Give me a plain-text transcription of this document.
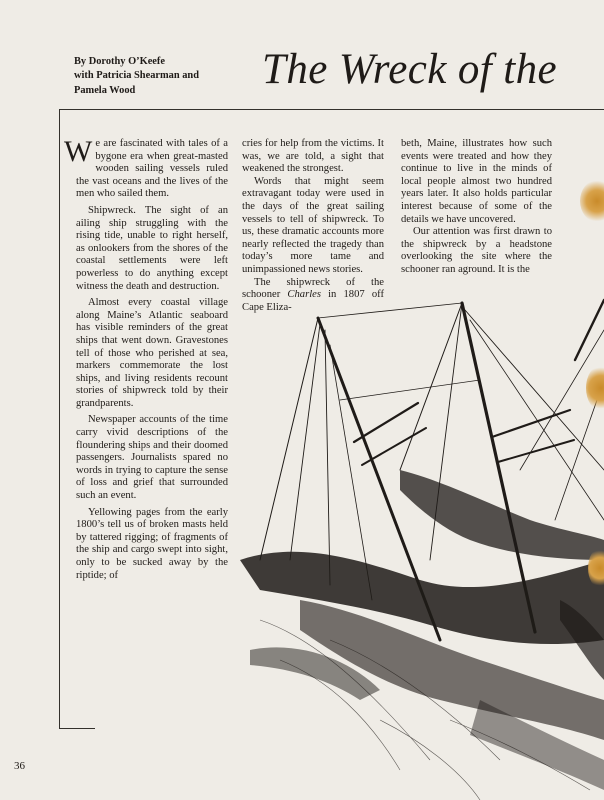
By Dorothy O’Keefe
with Patricia Shearman and
Pamela Wood	The Wreck of the

We are fascinated with tales of a bygone era when great-masted wooden sailing vessels ruled the vast oceans and the lives of the men who sailed them.

Shipwreck. The sight of an ailing ship struggling with the rising tide, unable to right herself, as onlookers from the shores of the coastal settlements were left powerless to do anything except witness the death and destruction.

Almost every coastal village along Maine’s Atlantic seaboard has visible reminders of the great ships that went down. Gravestones tell of those who perished at sea, markers commemorate the lost ships, and living residents recount stories of shipwreck told by their grandparents.

Newspaper accounts of the time carry vivid descriptions of the floundering ships and their doomed passengers. Journalists spared no words in trying to capture the sense of loss and grief that surrounded such an event.

Yellowing pages from the early 1800’s tell us of broken masts held by tattered rigging; of fragments of the ship and cargo swept into sight, only to be sucked away by the riptide; of

cries for help from the victims. It was, we are told, a sight that weakened the strongest.

Words that might seem extravagant today were used in the days of the great sailing vessels to tell of shipwreck. To us, these dramatic accounts more nearly reflected the tragedy than today’s more tame and unimpassioned news stories.

The shipwreck of the schooner Charles in 1807 off Cape Eliza-

beth, Maine, illustrates how such events were treated and how they continue to live in the minds of local people almost two hundred years later. It also holds particular interest because of some of the details we have uncovered.

Our attention was first drawn to the shipwreck by a headstone overlooking the site where the schooner ran aground. It is the

36
